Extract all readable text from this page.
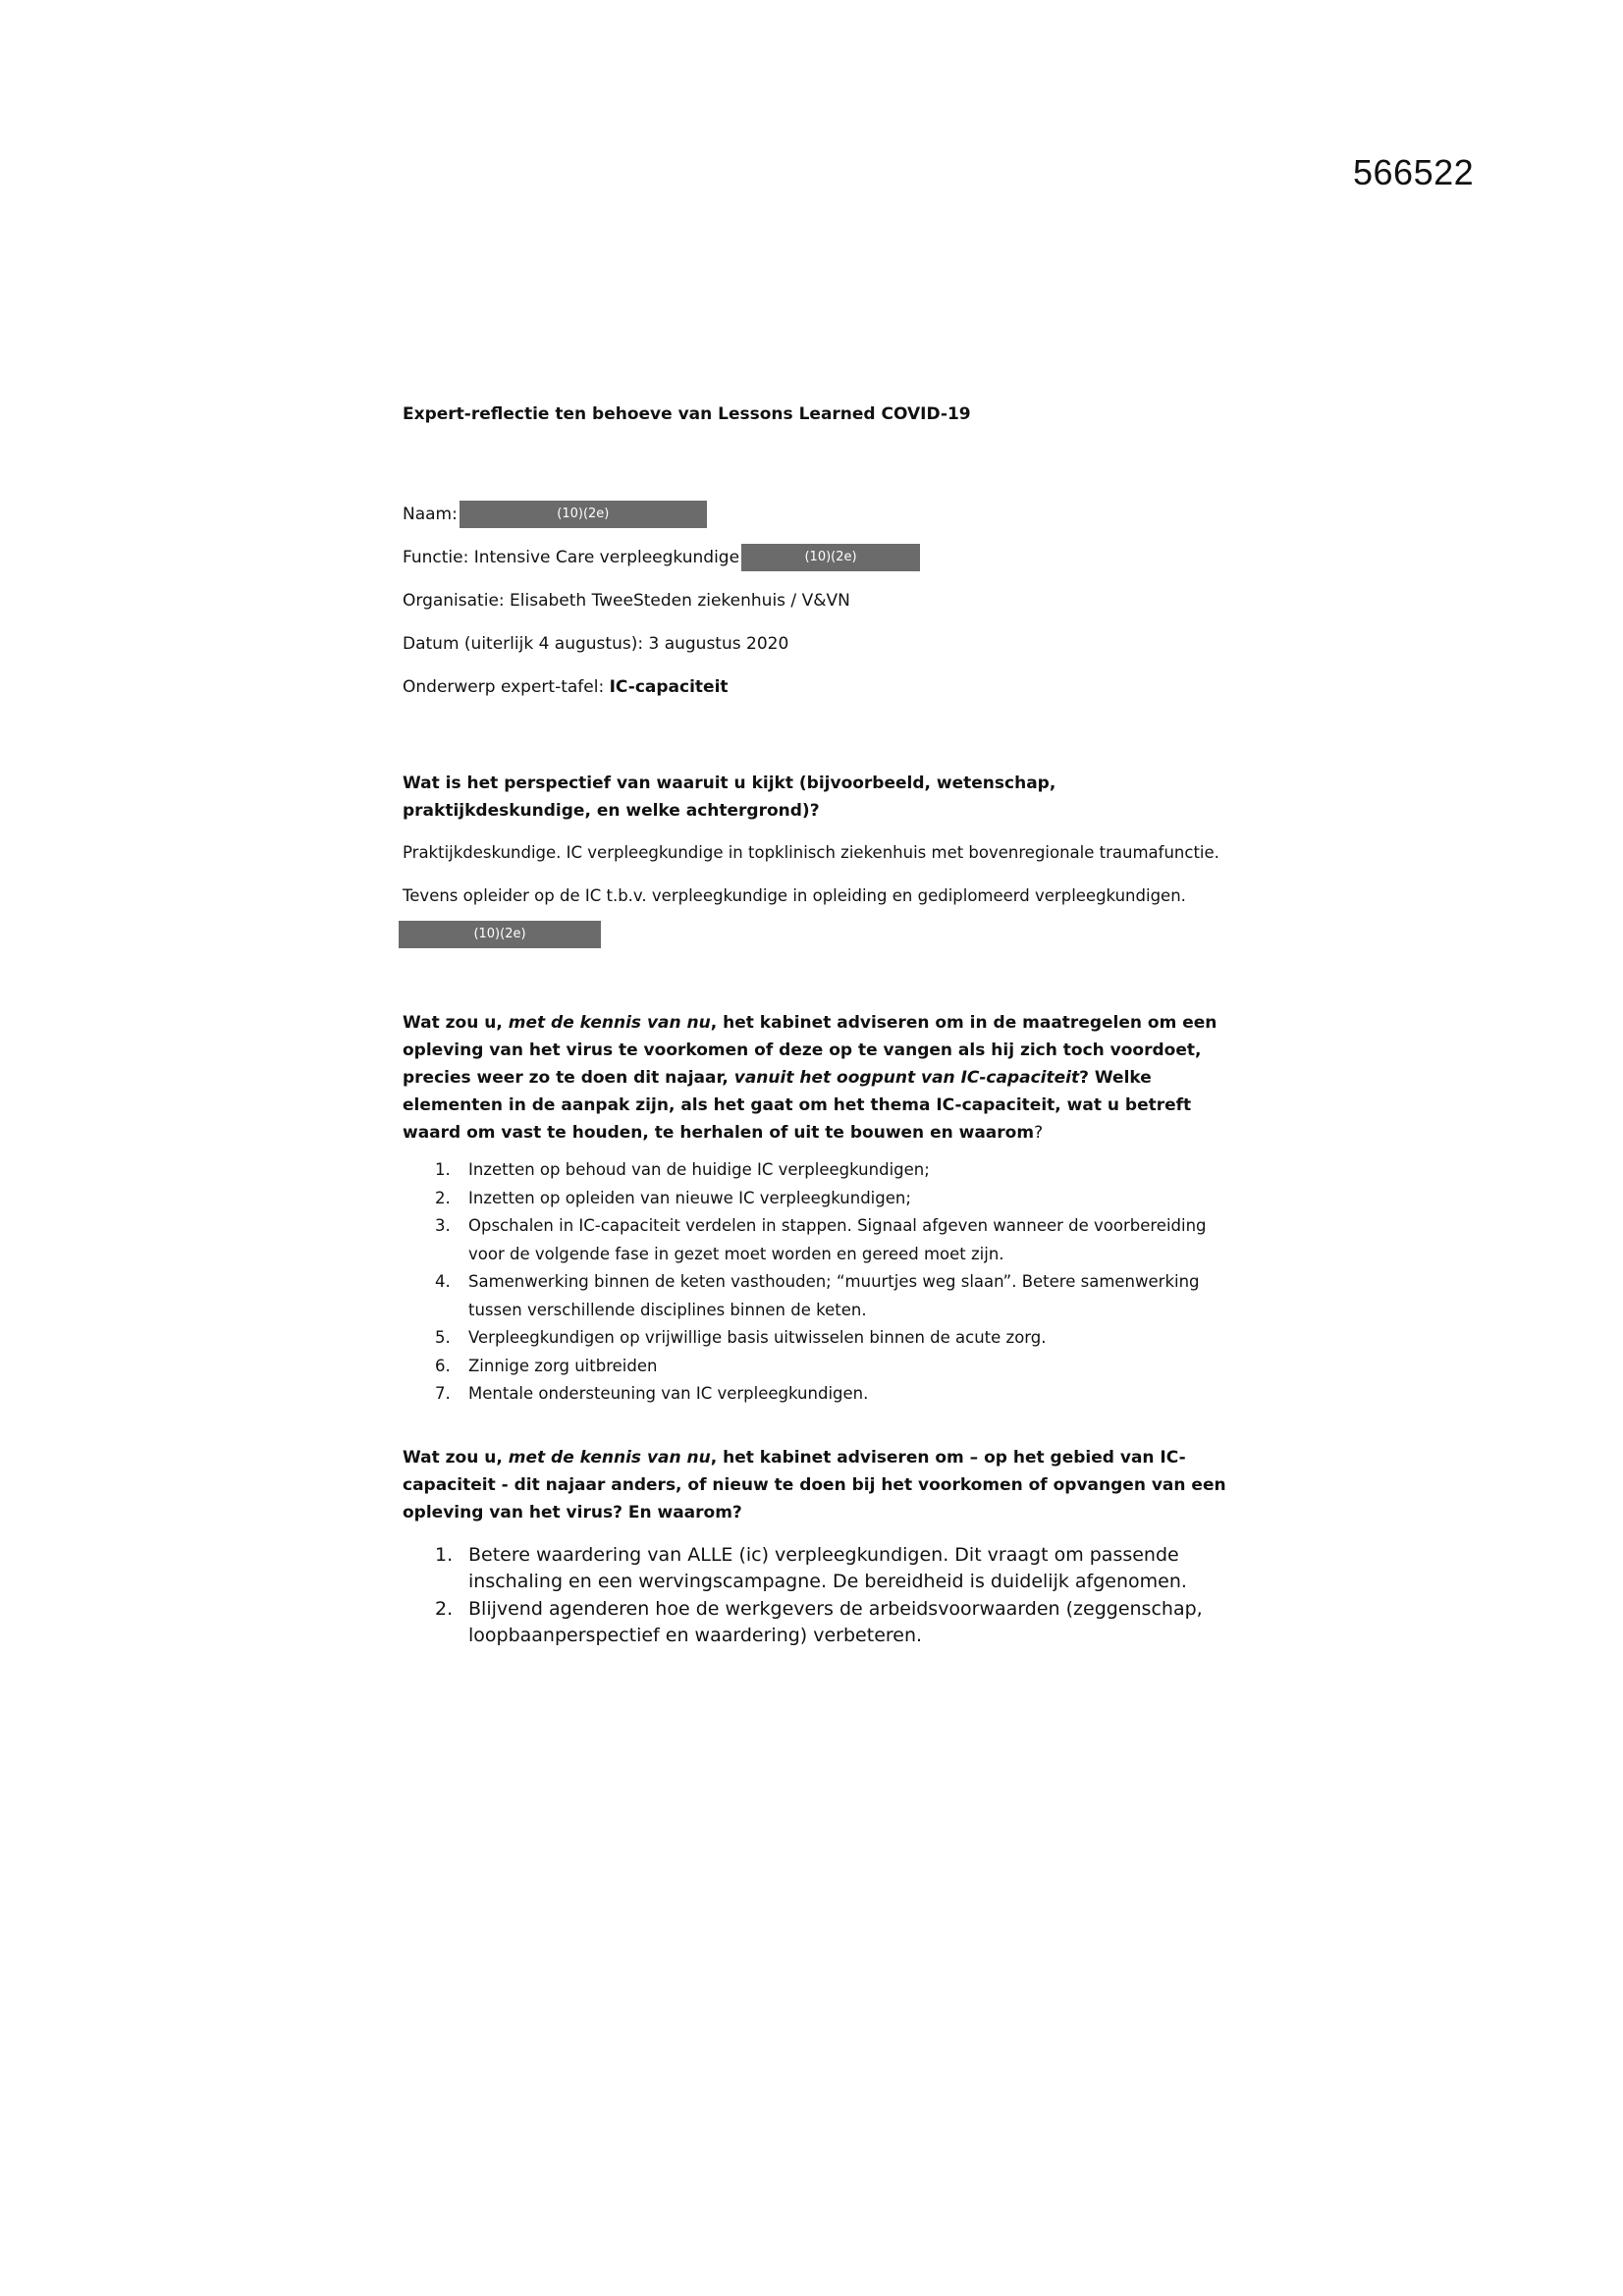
566522

Expert-reflectie ten behoeve van Lessons Learned COVID-19

Naam:	(10)(2e)
Functie: Intensive Care verpleegkundige	(10)(2e)
Organisatie: Elisabeth TweeSteden ziekenhuis / V&VN
Datum (uiterlijk 4 augustus): 3 augustus 2020
Onderwerp expert-tafel: IC-capaciteit

Wat is het perspectief van waaruit u kijkt (bijvoorbeeld, wetenschap, praktijkdeskundige, en welke achtergrond)?

Praktijkdeskundige. IC verpleegkundige in topklinisch ziekenhuis met bovenregionale traumafunctie.

Tevens opleider op de IC t.b.v. verpleegkundige in opleiding en gediplomeerd verpleegkundigen.

(10)(2e)

Wat zou u, met de kennis van nu, het kabinet adviseren om in de maatregelen om een opleving van het virus te voorkomen of deze op te vangen als hij zich toch voordoet, precies weer zo te doen dit najaar, vanuit het oogpunt van IC-capaciteit? Welke elementen in de aanpak zijn, als het gaat om het thema IC-capaciteit, wat u betreft waard om vast te houden, te herhalen of uit te bouwen en waarom?

1. Inzetten op behoud van de huidige IC verpleegkundigen;
2. Inzetten op opleiden van nieuwe IC verpleegkundigen;
3. Opschalen in IC-capaciteit verdelen in stappen. Signaal afgeven wanneer de voorbereiding voor de volgende fase in gezet moet worden en gereed moet zijn.
4. Samenwerking binnen de keten vasthouden; “muurtjes weg slaan”. Betere samenwerking tussen verschillende disciplines binnen de keten.
5. Verpleegkundigen op vrijwillige basis uitwisselen binnen de acute zorg.
6. Zinnige zorg uitbreiden
7. Mentale ondersteuning van IC verpleegkundigen.

Wat zou u, met de kennis van nu, het kabinet adviseren om – op het gebied van IC-capaciteit - dit najaar anders, of nieuw te doen bij het voorkomen of opvangen van een opleving van het virus? En waarom?

1. Betere waardering van ALLE (ic) verpleegkundigen. Dit vraagt om passende inschaling en een wervingscampagne. De bereidheid is duidelijk afgenomen.
2. Blijvend agenderen hoe de werkgevers de arbeidsvoorwaarden (zeggenschap, loopbaanperspectief en waardering) verbeteren.
